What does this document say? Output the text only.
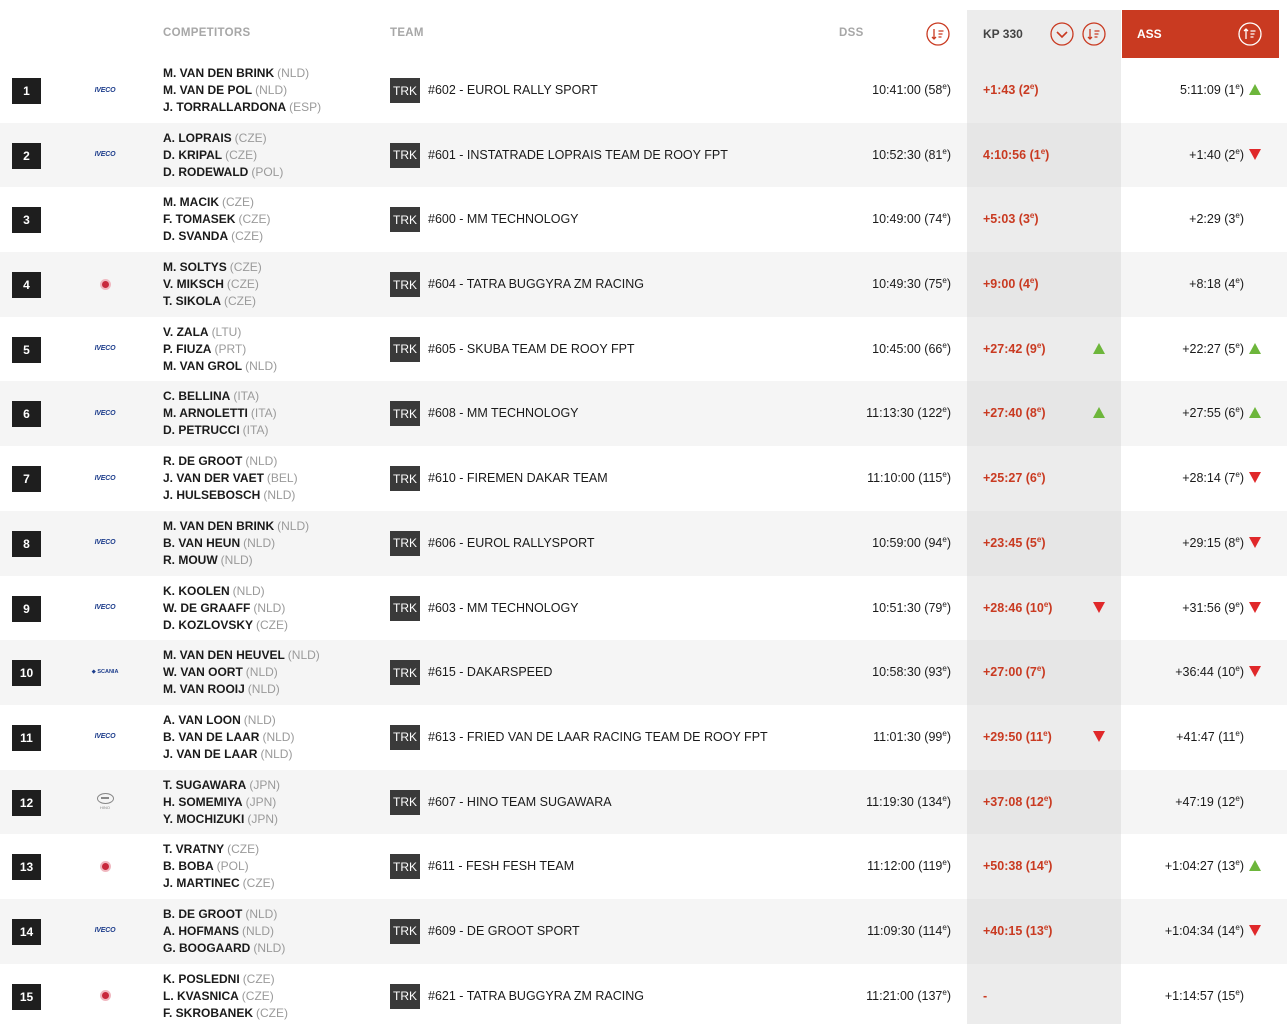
COMPETITORS	TEAM	DSS	KP 330	ASS
1	IVECO
M. VAN DEN BRINK (NLD)
M. VAN DE POL (NLD)
J. TORRALLARDONA (ESP)
TRK #602 - EUROL RALLY SPORT	10:41:00 $(58^e)$	+1:43 (2e)	5:11:09 (1e)
2	IVECO
A. LOPRAIS (CZE)
D. KRIPAL (CZE)
D. RODEWALD (POL)
TRK #601 - INSTATRADE LOPRAIS TEAM DE ROOY FPT	10:52:30 (81e)	4:10:56 $(1^e)$	+1:40 (2e)
3
M. MACIK (CZE)
F. TOMASEK (CZE)
D. SVANDA (CZE)
TRK #600 - MM TECHNOLOGY	10:49:00 $(74^e)$	+5:03 $(3^e)$	+2:29 (3e)
4
M. SOLTYS (CZE)
V. MIKSCH (CZE)
T. SIKOLA (CZE)
TRK #604 - TATRA BUGGYRA ZM RACING	10:49:30 $(75^e)$	+9:00 $(4^e)$	+8:18 (4e)
5	IVECO
V. ZALA (LTU)
P. FIUZA (PRT)
M. VAN GROL (NLD)
TRK #605 - SKUBA TEAM DE ROOY FPT	10:45:00 $(66^e)$	+27:42 $(9^e)$	+22:27 (5e)
6	IVECO
C. BELLINA (ITA)
M. ARNOLETTI (ITA)
D. PETRUCCI (ITA)
TRK #608 - MM TECHNOLOGY	11:13:30 $(122^e)$	+27:40 $(8^e)$	+27:55 (6e)
7	IVECO
R. DE GROOT (NLD)
J. VAN DER VAET (BEL)
J. HULSEBOSCH (NLD)
TRK #610 - FIREMEN DAKAR TEAM	11:10:00 $(115^e)$	+25:27 $(6^e)$	+28:14 (7e)
8	IVECO
M. VAN DEN BRINK (NLD)
B. VAN HEUN (NLD)
R. MOUW (NLD)
TRK #606 - EUROL RALLYSPORT	10:59:00 $(94^e)$	+23:45 $(5^e)$	+29:15 (8e)
9	IVECO
K. KOOLEN (NLD)
W. DE GRAAFF (NLD)
D. KOZLOVSKY (CZE)
TRK #603 - MM TECHNOLOGY	10:51:30 $(79^e)$	+28:46 $(10^e)$	+31:56 (9e)
10	◆ SCANIA
M. VAN DEN HEUVEL (NLD)
W. VAN OORT (NLD)
M. VAN ROOIJ (NLD)
TRK #615 - DAKARSPEED	10:58:30 $(93^e)$	+27:00 $(7^e)$	+36:44 (10e)
11	IVECO
A. VAN LOON (NLD)
B. VAN DE LAAR (NLD)
J. VAN DE LAAR (NLD)
TRK #613 - FRIED VAN DE LAAR RACING TEAM DE ROOY FPT	11:01:30 $(99^e)$	+29:50 $(11^e)$	+41:47 (11e)
12	HINO
T. SUGAWARA (JPN)
H. SOMEMIYA (JPN)
Y. MOCHIZUKI (JPN)
TRK #607 - HINO TEAM SUGAWARA	11:19:30 $(134^e)$	+37:08 $(12^e)$	+47:19 (12e)
13
T. VRATNY (CZE)
B. BOBA (POL)
J. MARTINEC (CZE)
TRK #611 - FESH FESH TEAM	11:12:00 $(119^e)$	+50:38 $(14^e)$	+1:04:27 (13e)
14	IVECO
B. DE GROOT (NLD)
A. HOFMANS (NLD)
G. BOOGAARD (NLD)
TRK #609 - DE GROOT SPORT	11:09:30 $(114^e)$	+40:15 $(13^e)$	+1:04:34 (14e)
15
K. POSLEDNI (CZE)
L. KVASNICA (CZE)
F. SKROBANEK (CZE)
TRK #621 - TATRA BUGGYRA ZM RACING	11:21:00 (137e)	-	+1:14:57 (15e)
